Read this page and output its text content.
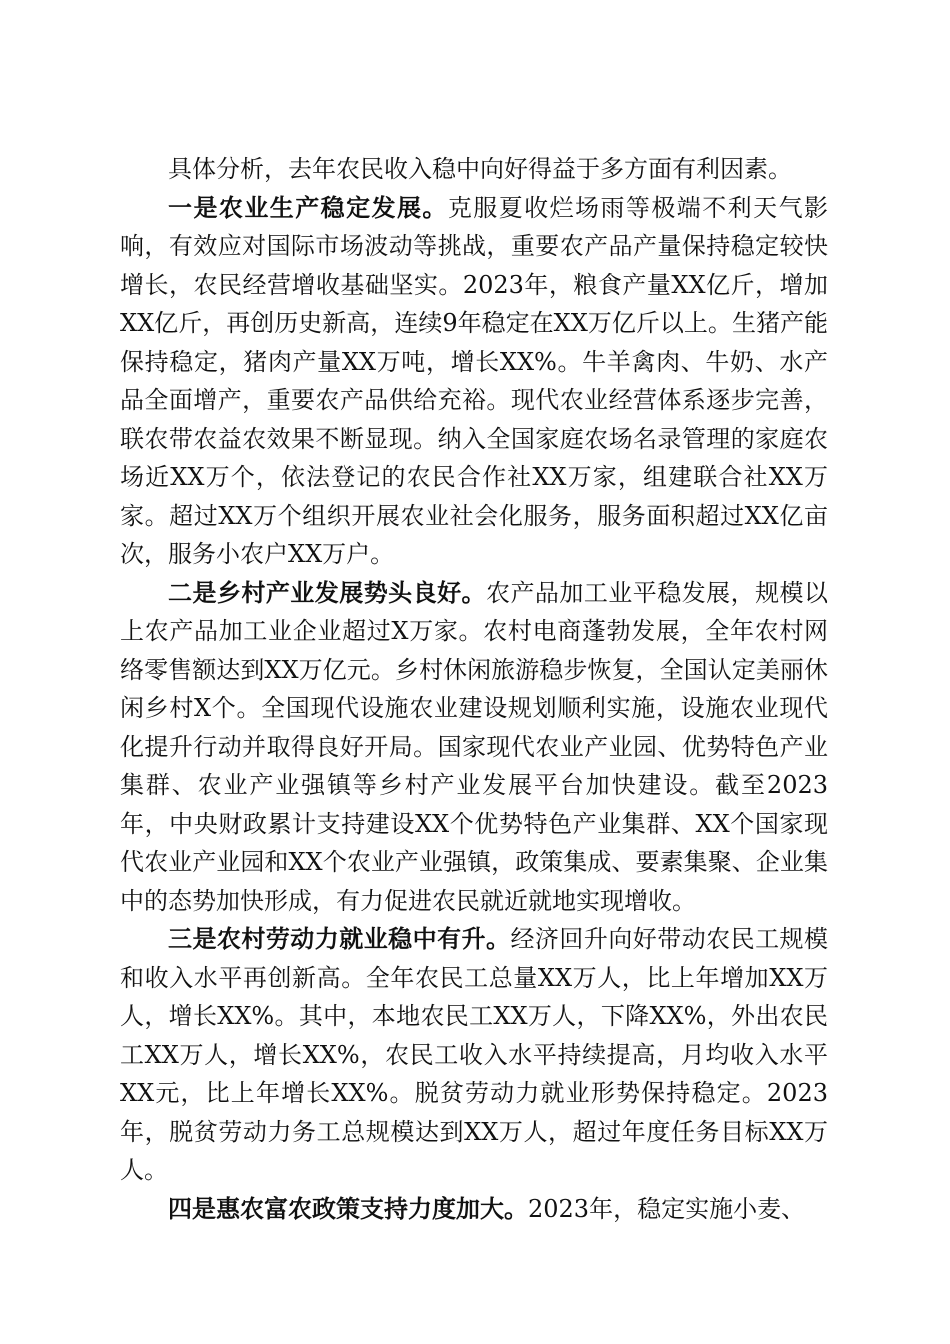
具体分析，去年农民收入稳中向好得益于多方面有利因素。

一是农业生产稳定发展。克服夏收烂场雨等极端不利天气影响，有效应对国际市场波动等挑战，重要农产品产量保持稳定较快增长，农民经营增收基础坚实。2023年，粮食产量XX亿斤，增加XX亿斤，再创历史新高，连续9年稳定在XX万亿斤以上。生猪产能保持稳定，猪肉产量XX万吨，增长XX%。牛羊禽肉、牛奶、水产品全面增产，重要农产品供给充裕。现代农业经营体系逐步完善，联农带农益农效果不断显现。纳入全国家庭农场名录管理的家庭农场近XX万个，依法登记的农民合作社XX万家，组建联合社XX万家。超过XX万个组织开展农业社会化服务，服务面积超过XX亿亩次，服务小农户XX万户。

二是乡村产业发展势头良好。农产品加工业平稳发展，规模以上农产品加工业企业超过X万家。农村电商蓬勃发展，全年农村网络零售额达到XX万亿元。乡村休闲旅游稳步恢复，全国认定美丽休闲乡村X个。全国现代设施农业建设规划顺利实施，设施农业现代化提升行动并取得良好开局。国家现代农业产业园、优势特色产业集群、农业产业强镇等乡村产业发展平台加快建设。截至2023年，中央财政累计支持建设XX个优势特色产业集群、XX个国家现代农业产业园和XX个农业产业强镇，政策集成、要素集聚、企业集中的态势加快形成，有力促进农民就近就地实现增收。

三是农村劳动力就业稳中有升。经济回升向好带动农民工规模和收入水平再创新高。全年农民工总量XX万人，比上年增加XX万人，增长XX%。其中，本地农民工XX万人，下降XX%，外出农民工XX万人，增长XX%，农民工收入水平持续提高，月均收入水平XX元，比上年增长XX%。脱贫劳动力就业形势保持稳定。2023年，脱贫劳动力务工总规模达到XX万人，超过年度任务目标XX万人。

四是惠农富农政策支持力度加大。2023年，稳定实施小麦、
